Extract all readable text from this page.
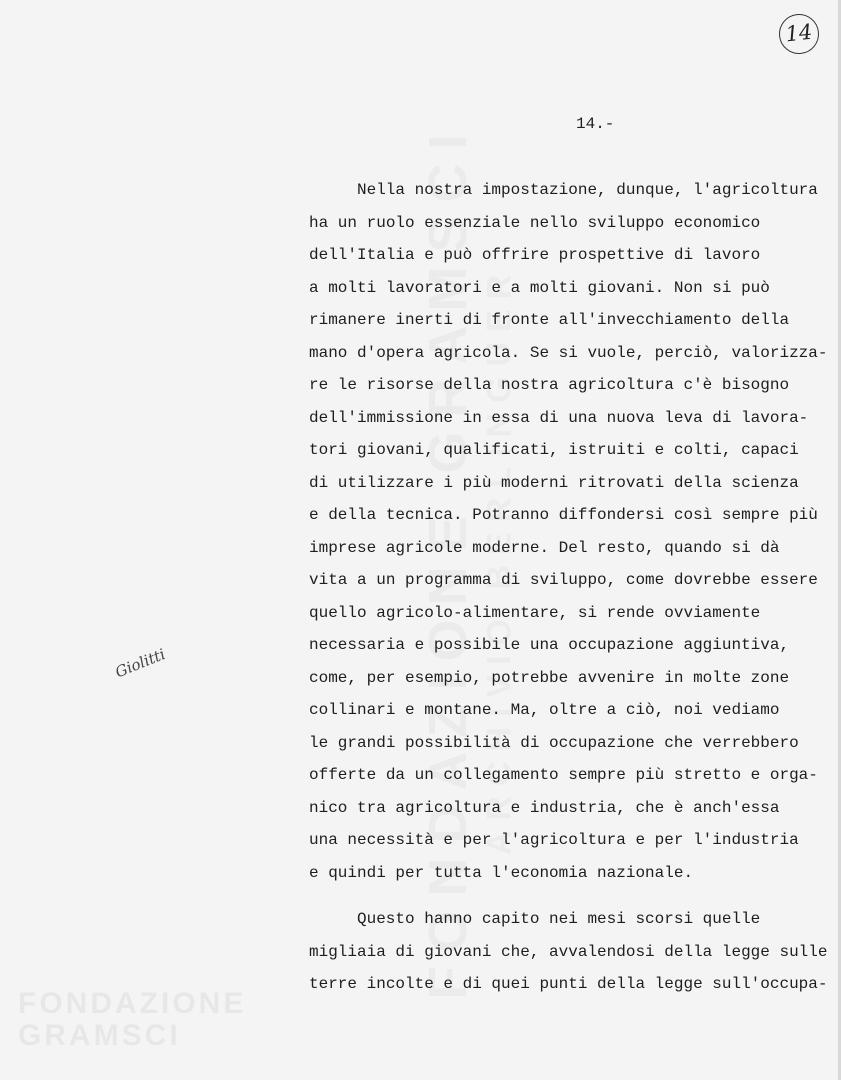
FONDAZIONE
GRAMSCI
14
14.-
Giolitti
Nella nostra impostazione, dunque, l'agricoltura
ha un ruolo essenziale nello sviluppo economico
dell'Italia e può offrire prospettive di lavoro
a molti lavoratori e a molti giovani. Non si può
rimanere inerti di fronte all'invecchiamento della
mano d'opera agricola. Se si vuole, perciò, valorizza-
re le risorse della nostra agricoltura c'è bisogno
dell'immissione in essa di una nuova leva di lavora-
tori giovani, qualificati, istruiti e colti, capaci
di utilizzare i più moderni ritrovati della scienza
e della tecnica. Potranno diffondersi così sempre più
imprese agricole moderne. Del resto, quando si dà
vita a un programma di sviluppo, come dovrebbe essere
quello agricolo-alimentare, si rende ovviamente
necessaria e possibile una occupazione aggiuntiva,
come, per esempio, potrebbe avvenire in molte zone
collinari e montane. Ma, oltre a ciò, noi vediamo
le grandi possibilità di occupazione che verrebbero
offerte da un collegamento sempre più stretto e orga-
nico tra agricoltura e industria, che è anch'essa
una necessità e per l'agricoltura e per l'industria
e quindi per tutta l'economia nazionale.
Questo hanno capito nei mesi scorsi quelle
migliaia di giovani che, avvalendosi della legge sulle
terre incolte e di quei punti della legge sull'occupa-
